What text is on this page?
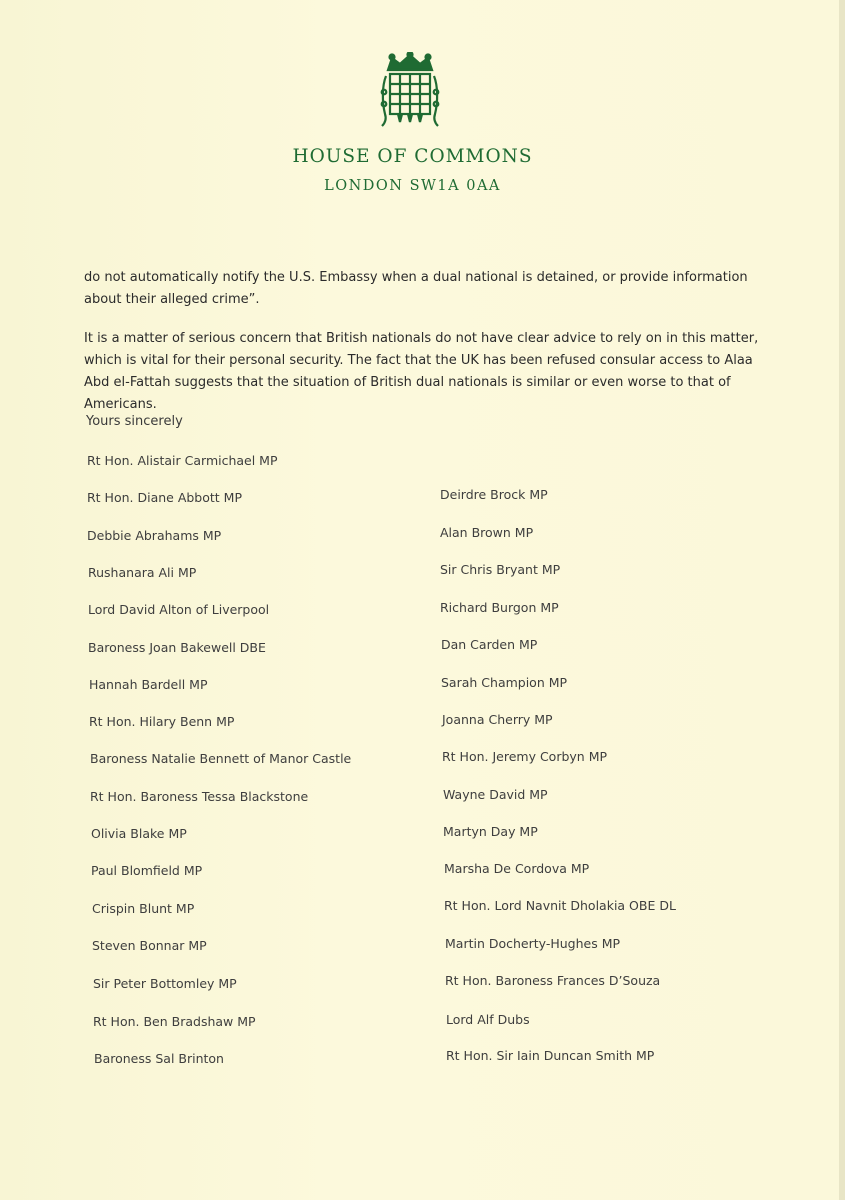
HOUSE OF COMMONS
LONDON SW1A 0AA
do not automatically notify the U.S. Embassy when a dual national is detained, or provide information about their alleged crime”.
It is a matter of serious concern that British nationals do not have clear advice to rely on in this matter, which is vital for their personal security. The fact that the UK has been refused consular access to Alaa Abd el-Fattah suggests that the situation of British dual nationals is similar or even worse to that of Americans.
Yours sincerely
Rt Hon. Alistair Carmichael MP
Rt Hon. Diane Abbott MP
Debbie Abrahams MP
Rushanara Ali MP
Lord David Alton of Liverpool
Baroness Joan Bakewell DBE
Hannah Bardell MP
Rt Hon. Hilary Benn MP
Baroness Natalie Bennett of Manor Castle
Rt Hon. Baroness Tessa Blackstone
Olivia Blake MP
Paul Blomfield MP
Crispin Blunt MP
Steven Bonnar MP
Sir Peter Bottomley MP
Rt Hon. Ben Bradshaw MP
Baroness Sal Brinton
Deirdre Brock MP
Alan Brown MP
Sir Chris Bryant MP
Richard Burgon MP
Dan Carden MP
Sarah Champion MP
Joanna Cherry MP
Rt Hon. Jeremy Corbyn MP
Wayne David MP
Martyn Day MP
Marsha De Cordova MP
Rt Hon. Lord Navnit Dholakia OBE DL
Martin Docherty-Hughes MP
Rt Hon. Baroness Frances D’Souza
Lord Alf Dubs
Rt Hon. Sir Iain Duncan Smith MP
